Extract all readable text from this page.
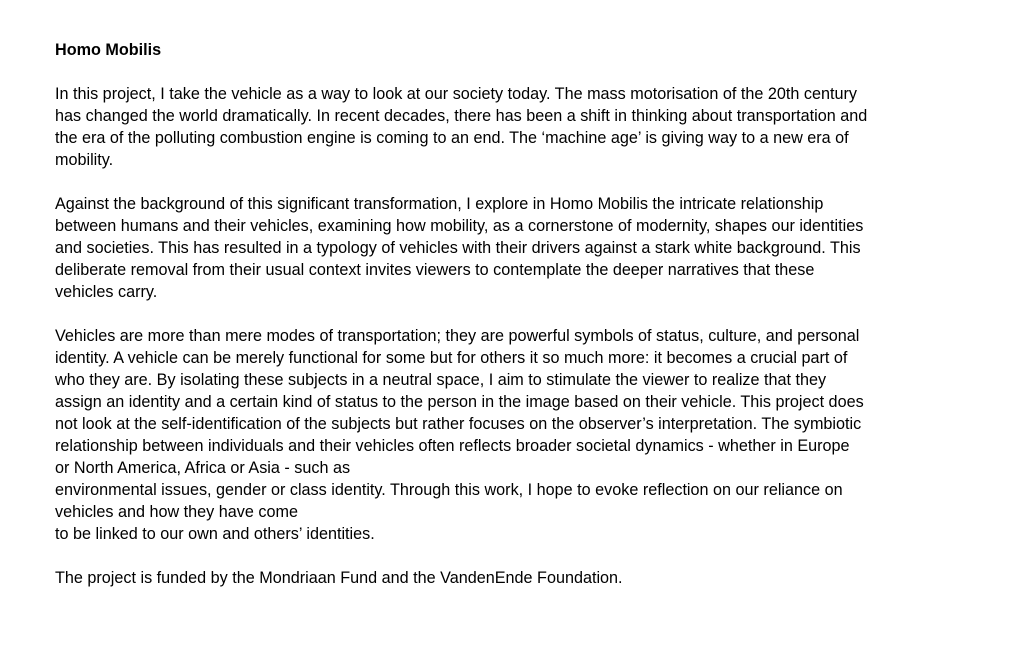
Homo Mobilis
In this project, I take the vehicle as a way to look at our society today. The mass motorisation of the 20th century
has changed the world dramatically. In recent decades, there has been a shift in thinking about transportation and
the era of the polluting combustion engine is coming to an end. The ‘machine age’ is giving way to a new era of
mobility.
Against the background of this significant transformation, I explore in Homo Mobilis the intricate relationship
between humans and their vehicles, examining how mobility, as a cornerstone of modernity, shapes our identities
and societies. This has resulted in a typology of vehicles with their drivers against a stark white background. This
deliberate removal from their usual context invites viewers to contemplate the deeper narratives that these
vehicles carry.
Vehicles are more than mere modes of transportation; they are powerful symbols of status, culture, and personal
identity. A vehicle can be merely functional for some but for others it so much more: it becomes a crucial part of
who they are. By isolating these subjects in a neutral space, I aim to stimulate the viewer to realize that they
assign an identity and a certain kind of status to the person in the image based on their vehicle. This project does
not look at the self-identification of the subjects but rather focuses on the observer’s interpretation. The symbiotic
relationship between individuals and their vehicles often reflects broader societal dynamics - whether in Europe
or North America, Africa or Asia - such as
environmental issues, gender or class identity. Through this work, I hope to evoke reflection on our reliance on
vehicles and how they have come
to be linked to our own and others’ identities.
The project is funded by the Mondriaan Fund and the VandenEnde Foundation.
